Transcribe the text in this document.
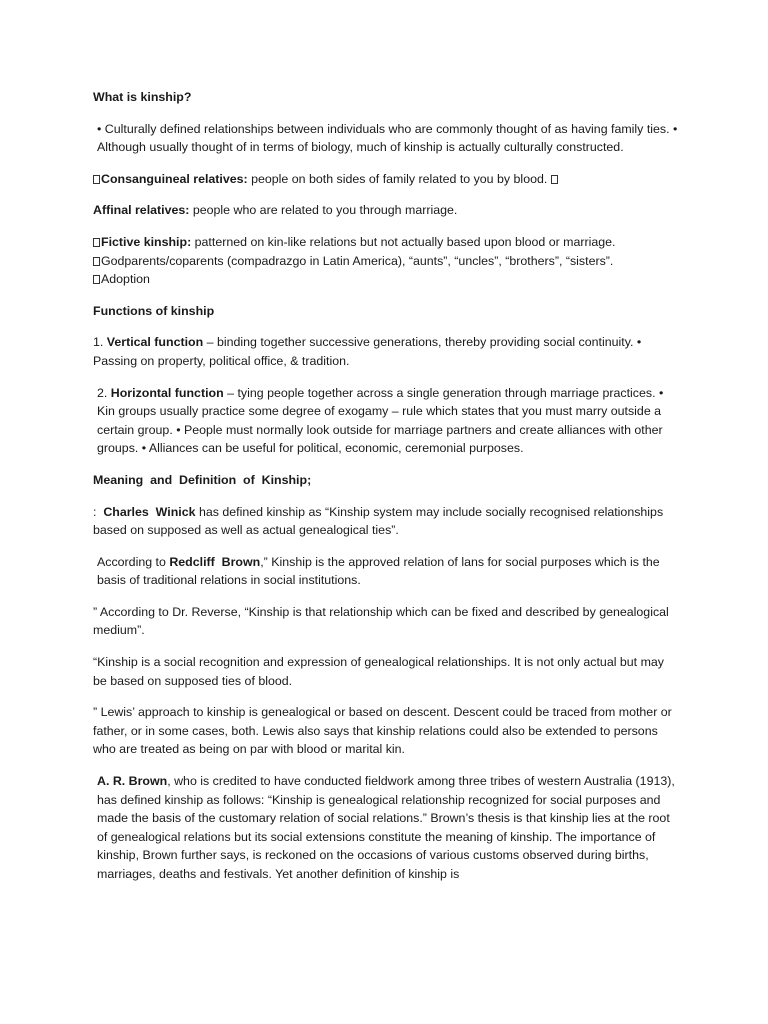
What is kinship?

• Culturally defined relationships between individuals who are commonly thought of as having family ties. • Although usually thought of in terms of biology, much of kinship is actually culturally constructed.

Consanguineal relatives: people on both sides of family related to you by blood.

Affinal relatives: people who are related to you through marriage.

Fictive kinship: patterned on kin-like relations but not actually based upon blood or marriage.
Godparents/coparents (compadrazgo in Latin America), “aunts”, “uncles”, “brothers”, “sisters”.
Adoption

Functions of kinship

1. Vertical function – binding together successive generations, thereby providing social continuity. • Passing on property, political office, & tradition.

2. Horizontal function – tying people together across a single generation through marriage practices. • Kin groups usually practice some degree of exogamy – rule which states that you must marry outside a certain group. • People must normally look outside for marriage partners and create alliances with other groups. • Alliances can be useful for political, economic, ceremonial purposes.

Meaning  and  Definition  of  Kinship;

:  Charles  Winick has defined kinship as “Kinship system may include socially recognised relationships based on supposed as well as actual genealogical ties”.

According to Redcliff  Brown,” Kinship is the approved relation of lans for social purposes which is the basis of traditional relations in social institutions.

” According to Dr. Reverse, “Kinship is that relationship which can be fixed and described by genealogical medium”.

“Kinship is a social recognition and expression of genealogical relationships. It is not only actual but may be based on supposed ties of blood.

” Lewis’ approach to kinship is genealogical or based on descent. Descent could be traced from mother or father, or in some cases, both. Lewis also says that kinship relations could also be extended to persons who are treated as being on par with blood or marital kin.

A. R. Brown, who is credited to have conducted fieldwork among three tribes of western Australia (1913), has defined kinship as follows: “Kinship is genealogical relationship recognized for social purposes and made the basis of the customary relation of social relations.” Brown’s thesis is that kinship lies at the root of genealogical relations but its social extensions constitute the meaning of kinship. The importance of kinship, Brown further says, is reckoned on the occasions of various customs observed during births, marriages, deaths and festivals. Yet another definition of kinship is
